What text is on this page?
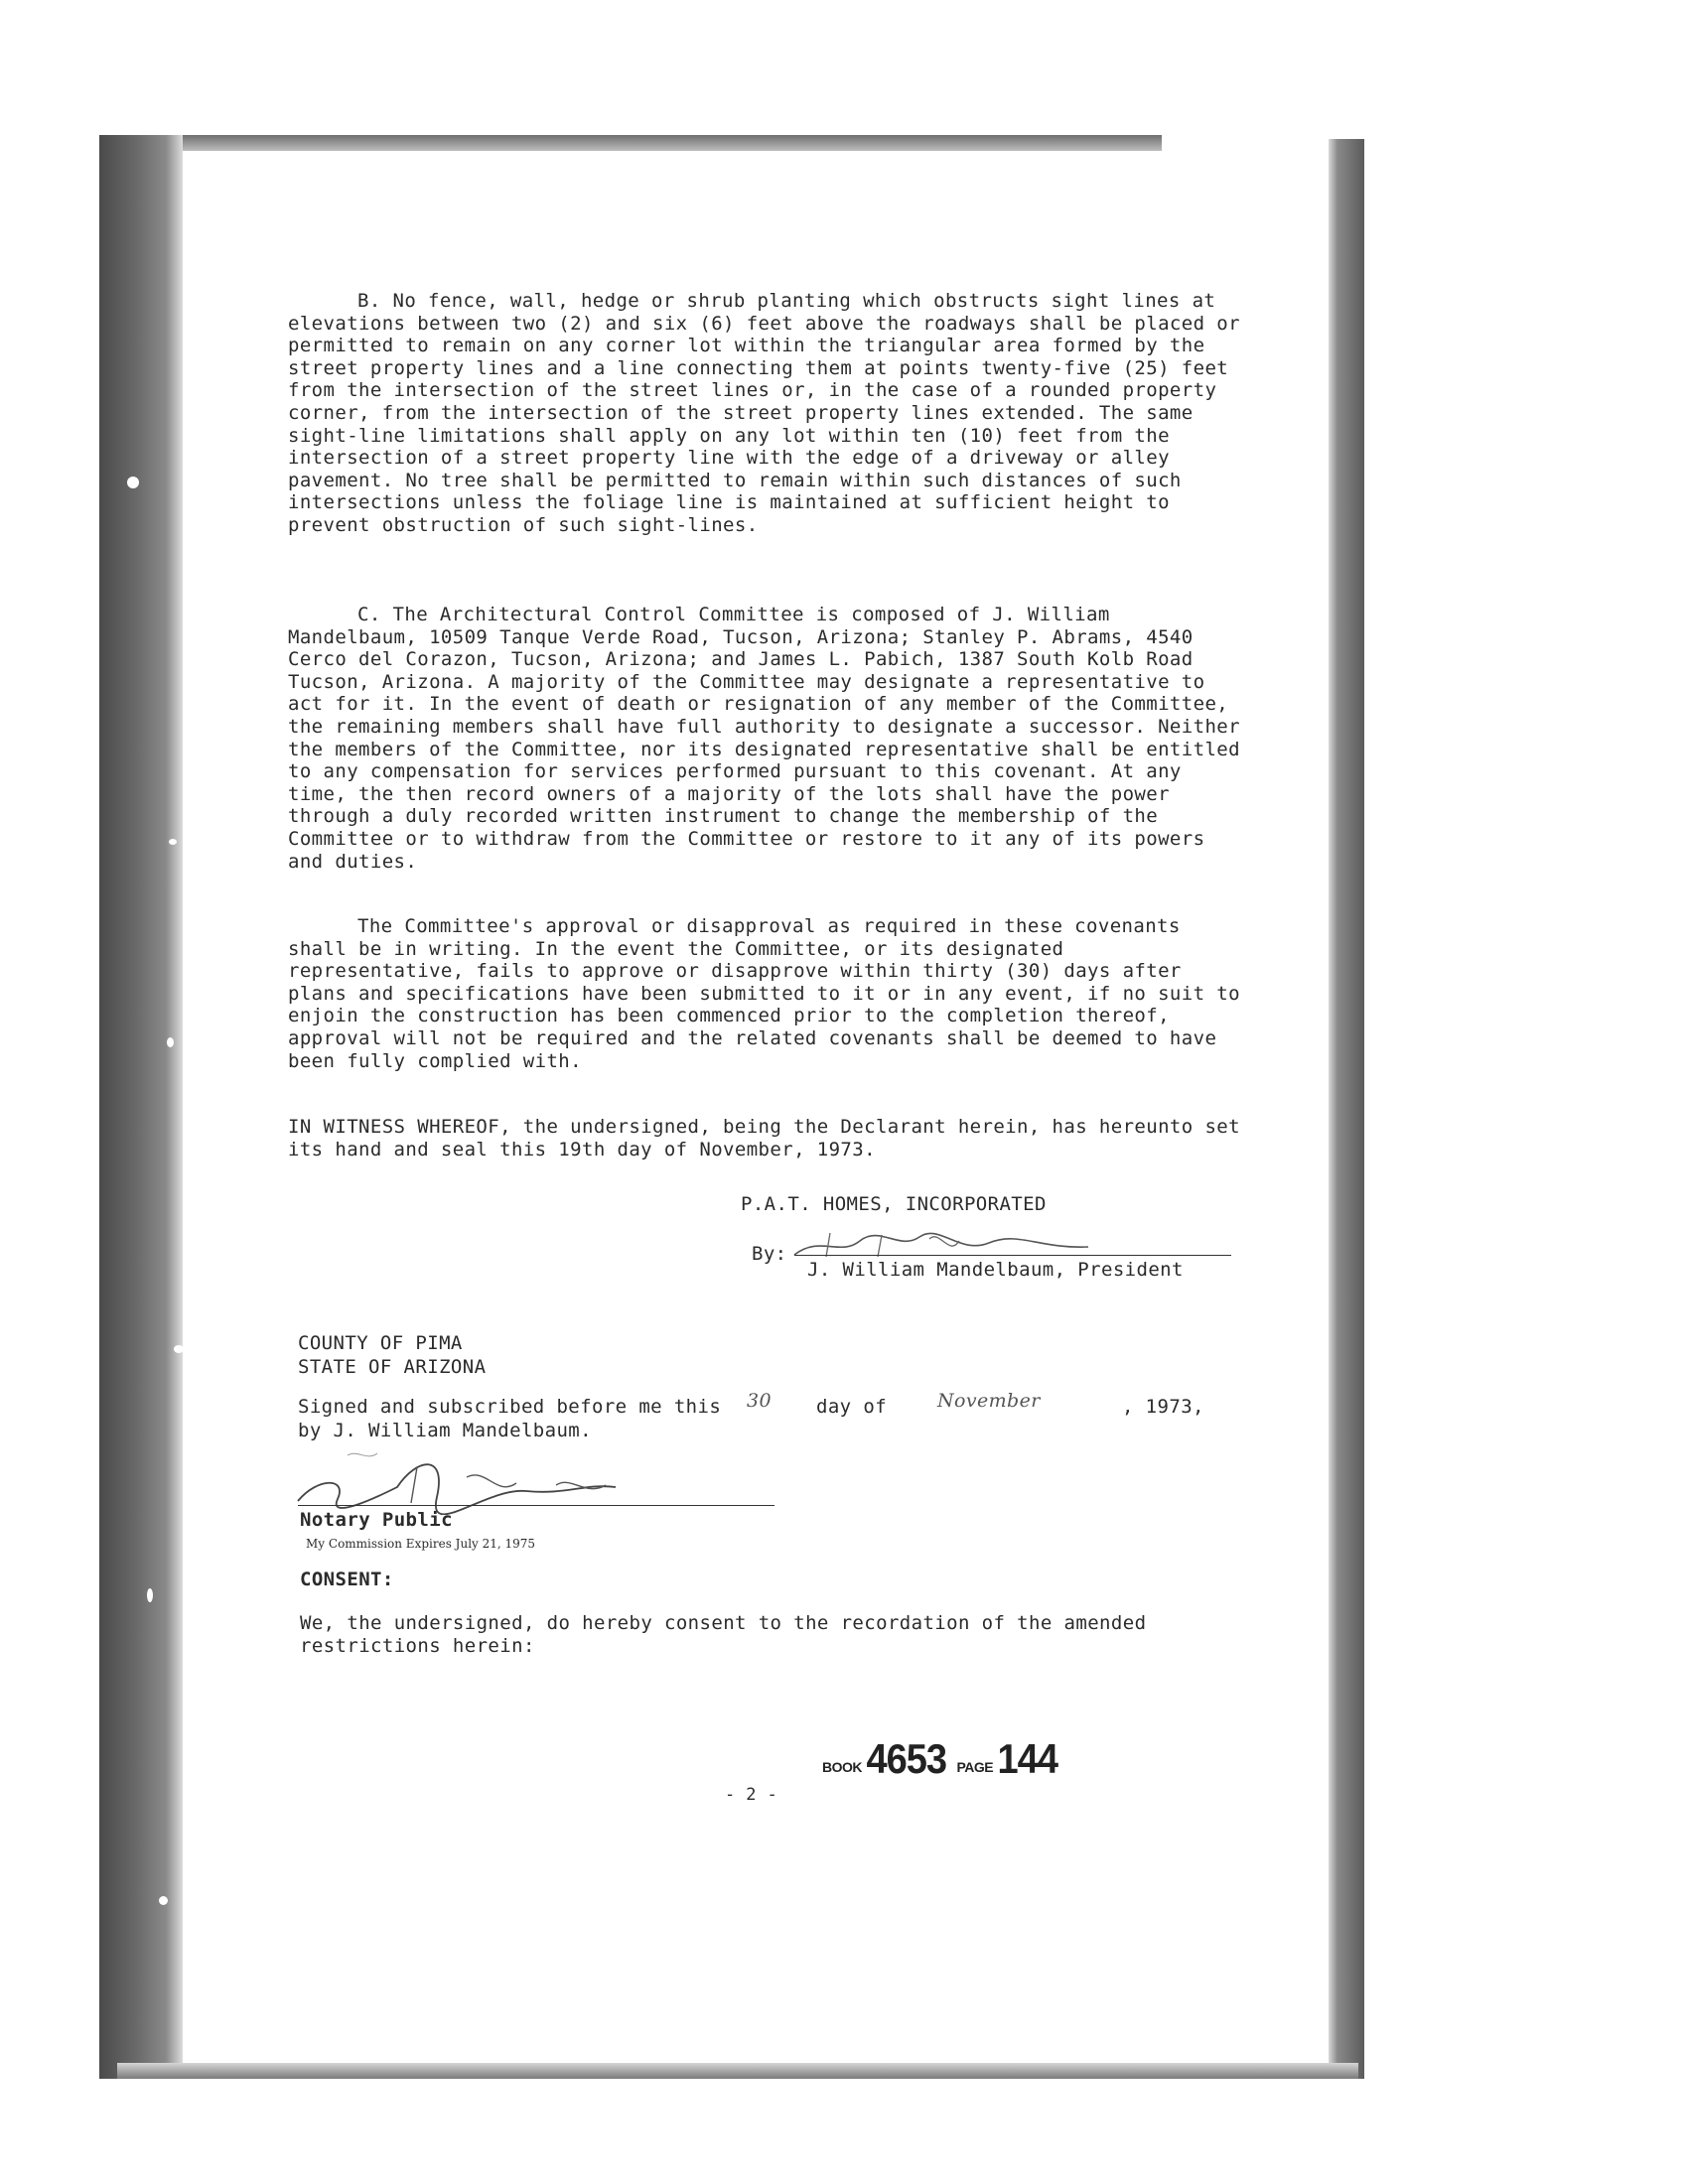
B. No fence, wall, hedge or shrub planting which obstructs sight lines at elevations between two (2) and six (6) feet above the roadways shall be placed or permitted to remain on any corner lot within the triangular area formed by the street property lines and a line connecting them at points twenty-five (25) feet from the intersection of the street lines or, in the case of a rounded property corner, from the intersection of the street property lines extended. The same sight-line limitations shall apply on any lot within ten (10) feet from the intersection of a street property line with the edge of a driveway or alley pavement. No tree shall be permitted to remain within such distances of such intersections unless the foliage line is maintained at sufficient height to prevent obstruction of such sight-lines.

C. The Architectural Control Committee is composed of J. William Mandelbaum, 10509 Tanque Verde Road, Tucson, Arizona; Stanley P. Abrams, 4540 Cerco del Corazon, Tucson, Arizona; and James L. Pabich, 1387 South Kolb Road Tucson, Arizona. A majority of the Committee may designate a representative to act for it. In the event of death or resignation of any member of the Committee, the remaining members shall have full authority to designate a successor. Neither the members of the Committee, nor its designated representative shall be entitled to any compensation for services performed pursuant to this covenant. At any time, the then record owners of a majority of the lots shall have the power through a duly recorded written instrument to change the membership of the Committee or to withdraw from the Committee or restore to it any of its powers and duties.

The Committee's approval or disapproval as required in these covenants shall be in writing. In the event the Committee, or its designated representative, fails to approve or disapprove within thirty (30) days after plans and specifications have been submitted to it or in any event, if no suit to enjoin the construction has been commenced prior to the completion thereof, approval will not be required and the related covenants shall be deemed to have been fully complied with.

IN WITNESS WHEREOF, the undersigned, being the Declarant herein, has hereunto set its hand and seal this 19th day of November, 1973.

P.A.T. HOMES, INCORPORATED
By:
J. William Mandelbaum, President
COUNTY OF PIMA
STATE OF ARIZONA
Signed and subscribed before me this 30 day of	November	, 1973,
by J. William Mandelbaum.
Notary Public
My Commission Expires July 21, 1975
CONSENT:

We, the undersigned, do hereby consent to the recordation of the amended restrictions herein:

BOOK 4653 PAGE 144
- 2 -
